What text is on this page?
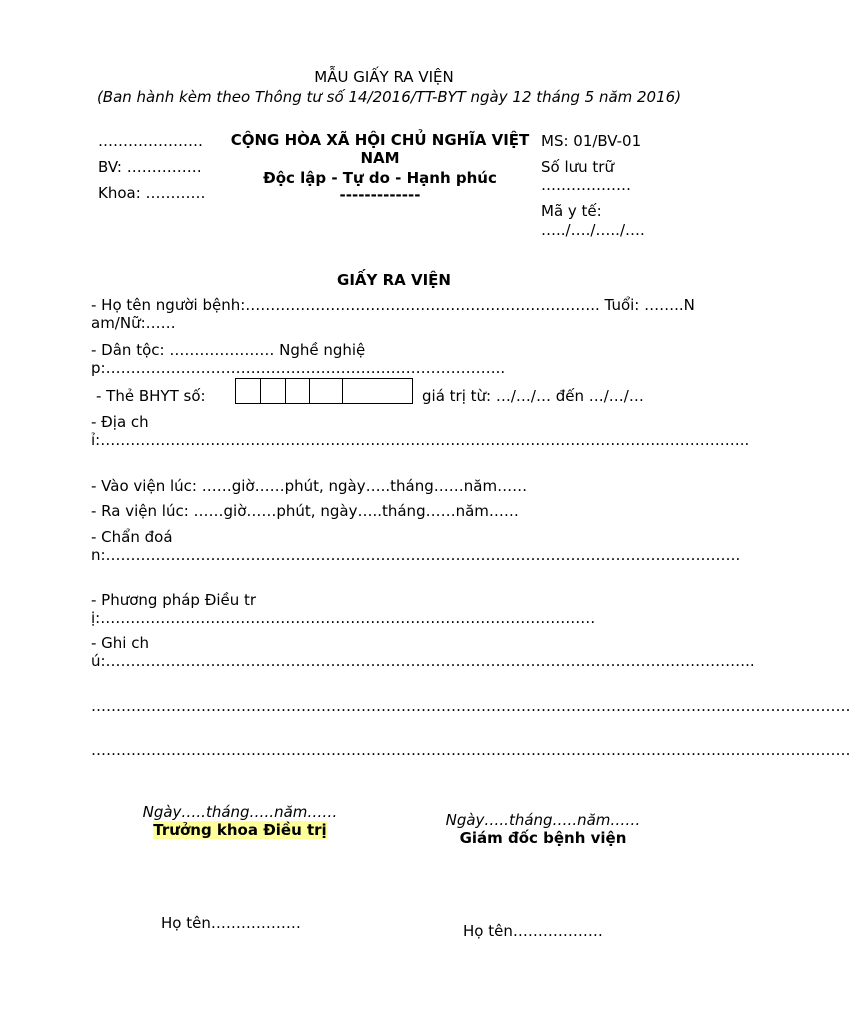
MẪU GIẤY RA VIỆN
(Ban hành kèm theo Thông tư số 14/2016/TT-BYT ngày 12 tháng 5 năm 2016)
…………………
BV: ……………
Khoa: …………
CỘNG HÒA XÃ HỘI CHỦ NGHĨA VIỆT NAM
Độc lập - Tự do - Hạnh phúc
-------------
MS: 01/BV-01
Số lưu trữ ………………
Mã y tế:
…../…./…../….
GIẤY RA VIỆN
- Họ tên người bệnh:…………………………………………………………….. Tuổi: ……..Nam/Nữ:……
- Dân tộc: ………………… Nghề nghiệp:……………………………………………………………………..
- Thẻ BHYT số:	giá trị từ: …/…/… đến …/…/…
- Địa chỉ:…………………………………………………………………………………………………..……………..
- Vào viện lúc: ……giờ……phút, ngày…..tháng……năm……
- Ra viện lúc: ……giờ……phút, ngày…..tháng……năm……
- Chẩn đoán:……………………………………………………………………………………………………………….
- Phương pháp Điều trị:………………………………………………………………………………………
- Ghi chú:…………………………………………………………………………………………………..……………..
………………………………………………………………………………………………………………..……………………
………………………………………………………………………………………………………………..……………………
Ngày…..tháng…..năm……
Trưởng khoa Điều trị
Họ tên………………
Ngày…..tháng…..năm……
Giám đốc bệnh viện
Họ tên………………
